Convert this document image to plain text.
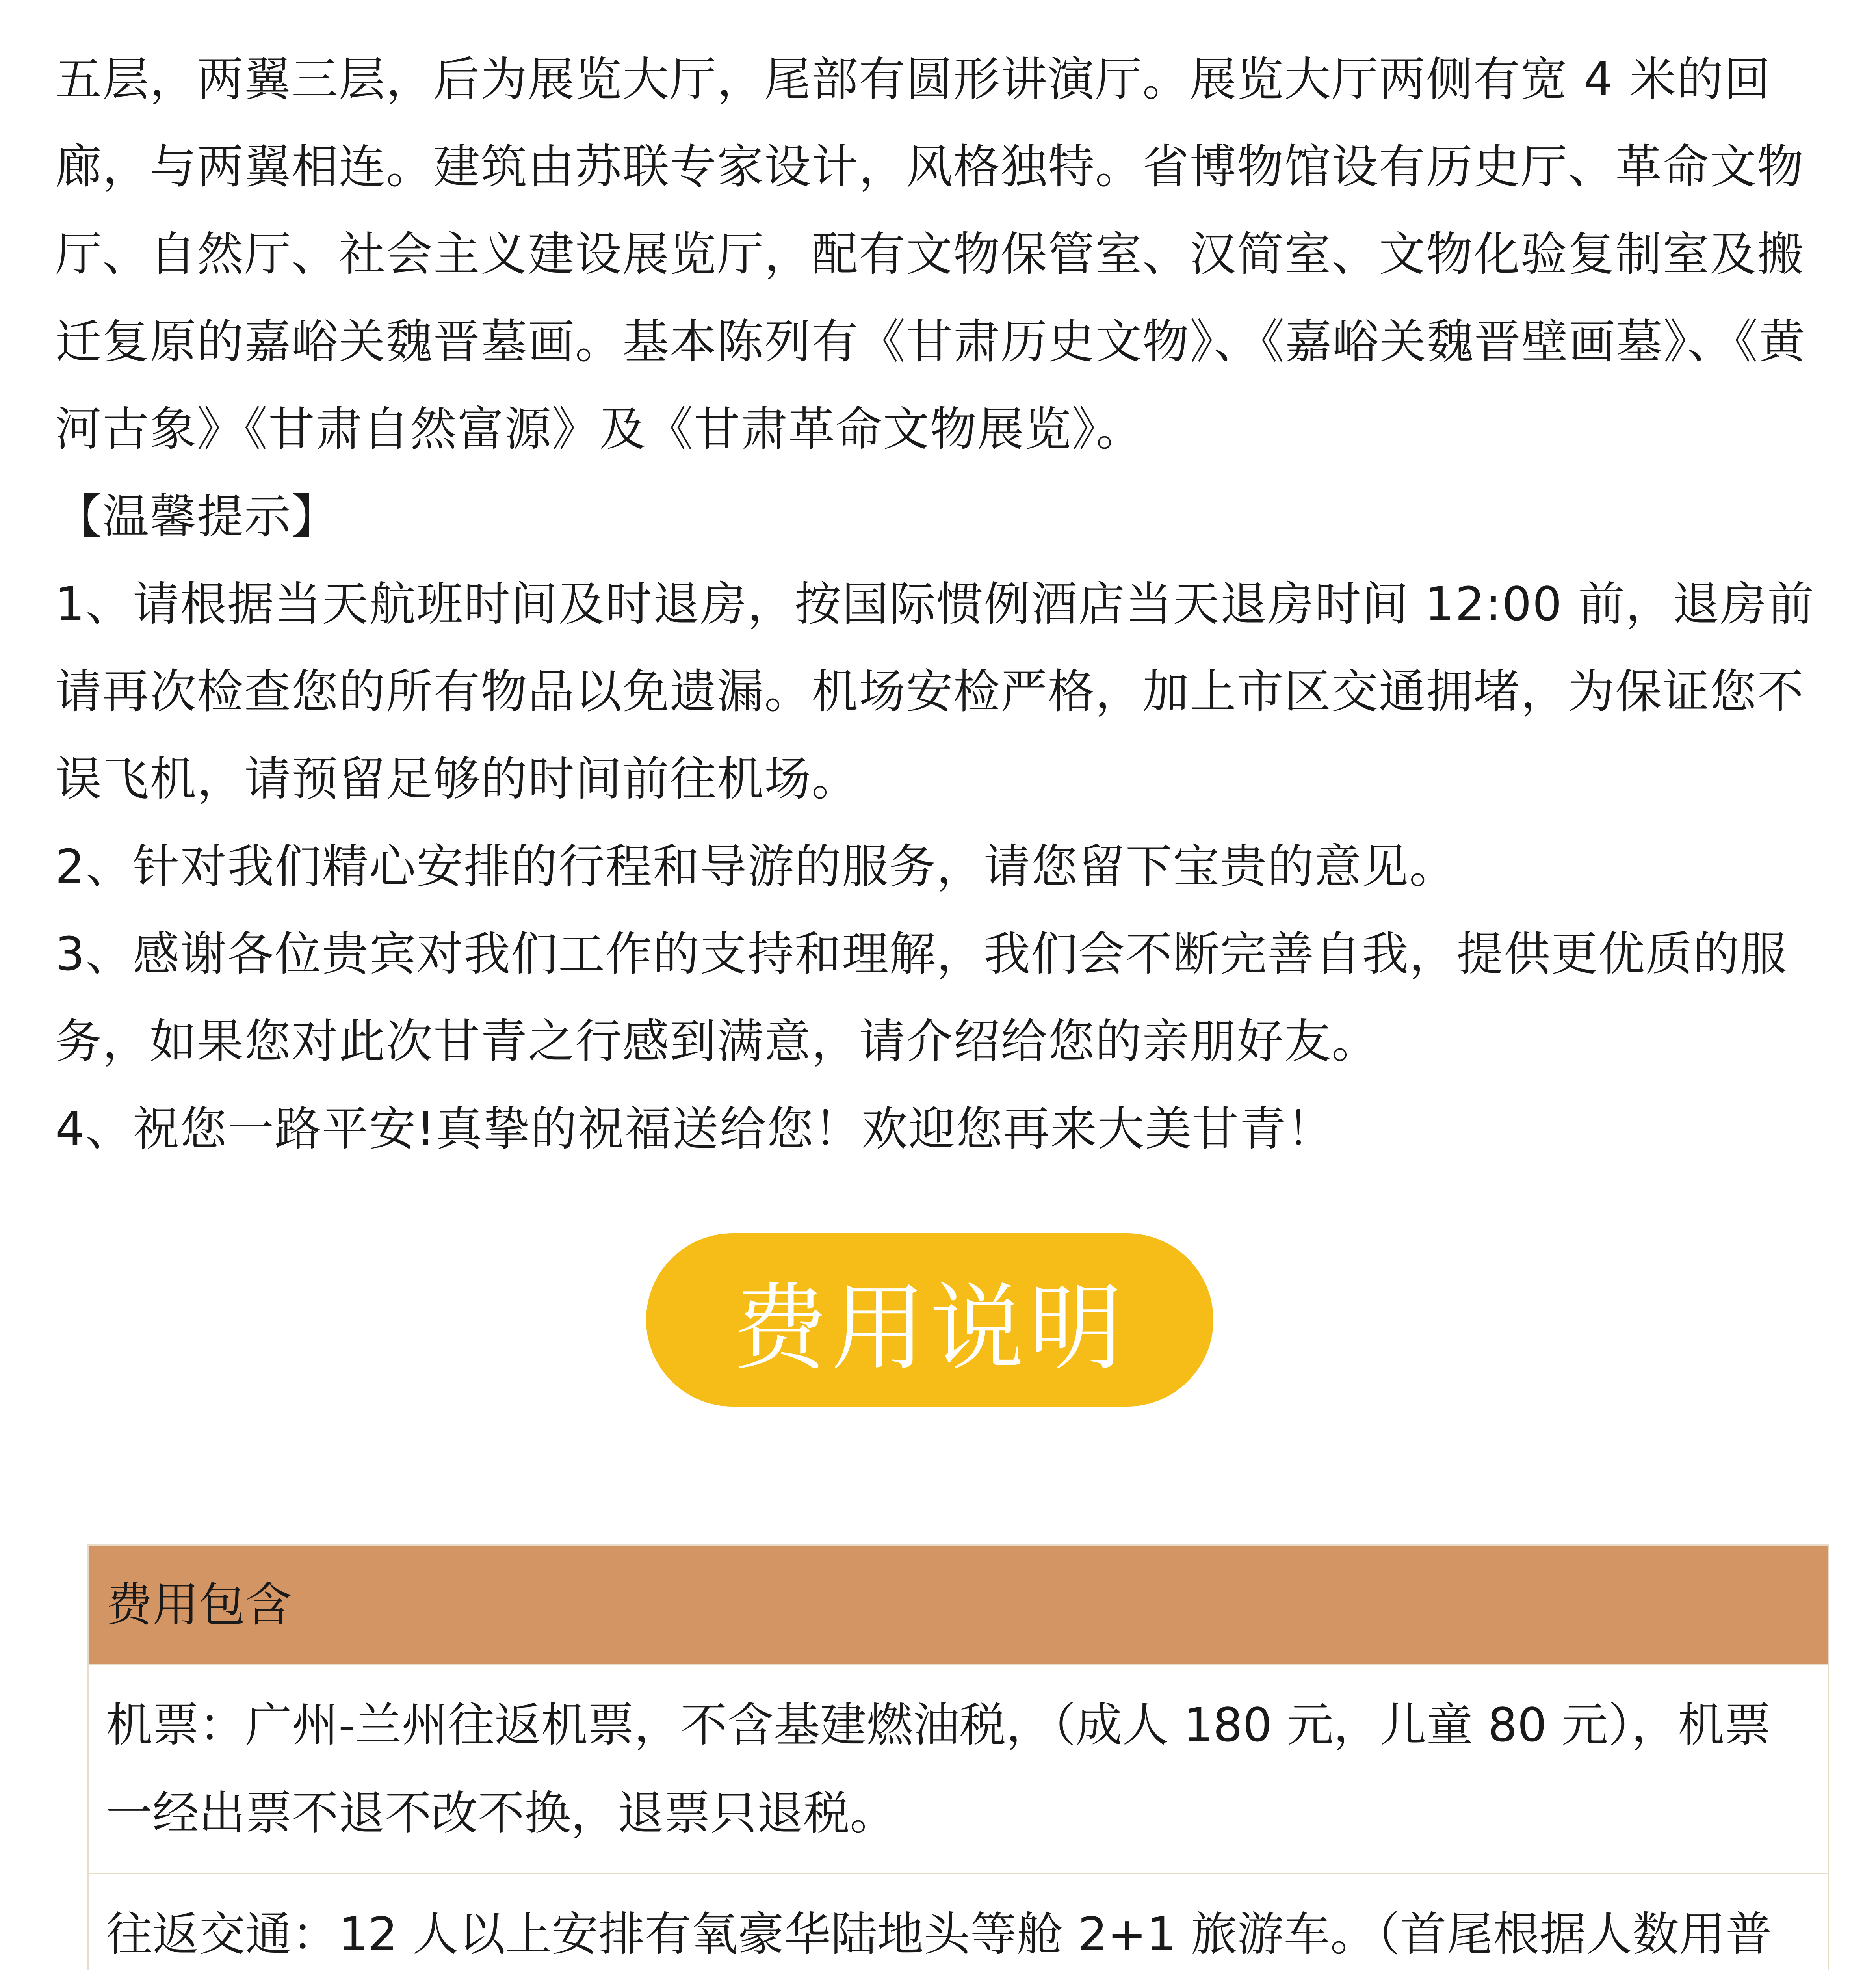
五层，两翼三层，后为展览大厅，尾部有圆形讲演厅。展览大厅两侧有宽 4 米的回廊，与两翼相连。建筑由苏联专家设计，风格独特。省博物馆设有历史厅、革命文物厅、自然厅、社会主义建设展览厅，配有文物保管室、汉简室、文物化验复制室及搬迁复原的嘉峪关魏晋墓画。基本陈列有《甘肃历史文物》、《嘉峪关魏晋壁画墓》、《黄河古象》《甘肃自然富源》及《甘肃革命文物展览》。

【温馨提示】

1、请根据当天航班时间及时退房，按国际惯例酒店当天退房时间 12:00 前，退房前请再次检查您的所有物品以免遗漏。机场安检严格，加上市区交通拥堵，为保证您不误飞机，请预留足够的时间前往机场。

2、针对我们精心安排的行程和导游的服务，请您留下宝贵的意见。

3、感谢各位贵宾对我们工作的支持和理解，我们会不断完善自我，提供更优质的服务，如果您对此次甘青之行感到满意，请介绍给您的亲朋好友。

4、祝您一路平安!真挚的祝福送给您！欢迎您再来大美甘青！

费用说明
费用包含

机票：广州-兰州往返机票，不含基建燃油税，（成人 180 元，儿童 80 元），机票一经出票不退不改不换，退票只退税。

往返交通：12 人以上安排有氧豪华陆地头等舱 2+1 旅游车。（首尾根据人数用普
